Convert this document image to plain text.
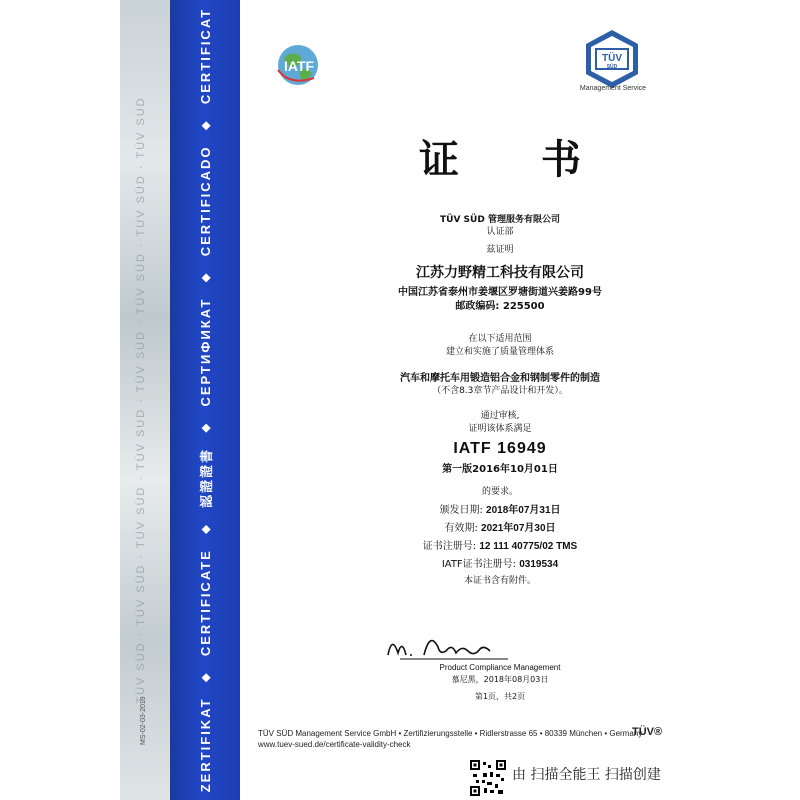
TÜV SÜD · TÜV SÜD · TÜV SÜD · TÜV SÜD · TÜV SÜD · TÜV SÜD · TÜV SÜD · TÜV SÜD
MS-02-03-2019	ZERTIFIKAT
◆
CERTIFICATE
◆
認證證書
◆
СЕРТИФИКАТ
◆
CERTIFICADO
◆
CERTIFICAT	IATF	TÜV
SÜD
Management Service
证 书
TÜV SÜD 管理服务有限公司
认证部
兹证明
江苏力野精工科技有限公司
中国江苏省泰州市姜堰区罗塘街道兴姜路99号
邮政编码: 225500
在以下适用范围
建立和实施了质量管理体系
汽车和摩托车用锻造铝合金和钢制零件的制造
（不含8.3章节产品设计和开发）。
通过审核,
证明该体系满足
IATF 16949
第一版2016年10月01日
的要求。
颁发日期: 2018年07月31日
有效期: 2021年07月30日
证书注册号: 12 111 40775/02 TMS
IATF证书注册号: 0319534
本证书含有附件。
Product Compliance Management
慕尼黑，2018年08月03日
第1页，共2页
TÜV SÜD Management Service GmbH • Zertifizierungsstelle • Ridlerstrasse 65 • 80339 München • Germany
www.tuev-sued.de/certificate-validity-check
TÜV®
由 扫描全能王 扫描创建
